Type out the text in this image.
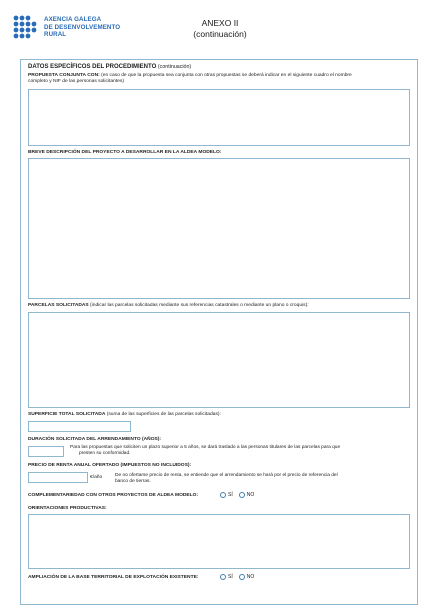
AXENCIA GALEGA
DE DESENVOLVEMENTO
RURAL
ANEXO II
(continuación)
DATOS ESPECÍFICOS DEL PROCEDIMIENTO (continuación)
PROPUESTA CONJUNTA CON: (en caso de que la propuesta sea conjunta con otras propuestas se deberá indicar en el siguiente cuadro el nombre
completo y NIF de las personas solicitantes)
BREVE DESCRIPCIÓN DEL PROYECTO A DESARROLLAR EN LA ALDEA MODELO:
PARCELAS SOLICITADAS (indicar las parcelas solicitadas mediante sus referencias catastrales o mediante un plano o croquis):
SUPERFICIE TOTAL SOLICITADA (suma de las superficies de las parcelas solicitadas):
DURACIÓN SOLICITADA DEL ARRENDAMIENTO (AÑOS):
Para las propuestas que soliciten un plazo superior a 5 años, se dará traslado a las personas titulares de las parcelas para que
presten su conformidad.
PRECIO DE RENTA ANUAL OFERTADO (IMPUESTOS NO INCLUIDOS):
€/año	De no ofertarse precio de renta, se entiende que el arrendamiento se hará por el precio de referencia del
banco de tierras.
COMPLEMENTARIEDAD CON OTROS PROYECTOS DE ALDEA MODELO:	SÍ	NO
ORIENTACIONES PRODUCTIVAS:
AMPLIACIÓN DE LA BASE TERRITORIAL DE EXPLOTACIÓN EXISTENTE:	SÍ	NO
